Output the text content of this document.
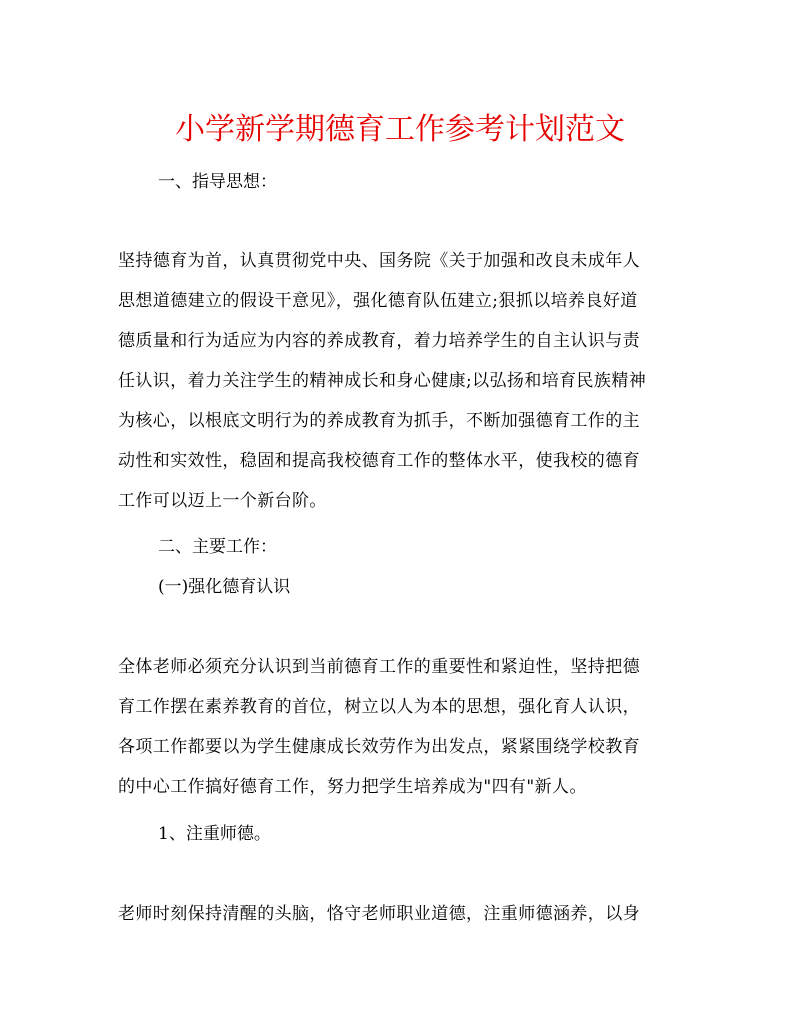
小学新学期德育工作参考计划范文

一、指导思想：

坚持德育为首，认真贯彻党中央、国务院《关于加强和改良未成年人
思想道德建立的假设干意见》，强化德育队伍建立;狠抓以培养良好道
德质量和行为适应为内容的养成教育，着力培养学生的自主认识与责
任认识，着力关注学生的精神成长和身心健康;以弘扬和培育民族精神
为核心，以根底文明行为的养成教育为抓手，不断加强德育工作的主
动性和实效性，稳固和提高我校德育工作的整体水平，使我校的德育
工作可以迈上一个新台阶。

二、主要工作：

(一)强化德育认识

全体老师必须充分认识到当前德育工作的重要性和紧迫性，坚持把德
育工作摆在素养教育的首位，树立以人为本的思想，强化育人认识，
各项工作都要以为学生健康成长效劳作为出发点，紧紧围绕学校教育
的中心工作搞好德育工作，努力把学生培养成为"四有"新人。

1、注重师德。

老师时刻保持清醒的头脑，恪守老师职业道德，注重师德涵养，以身
